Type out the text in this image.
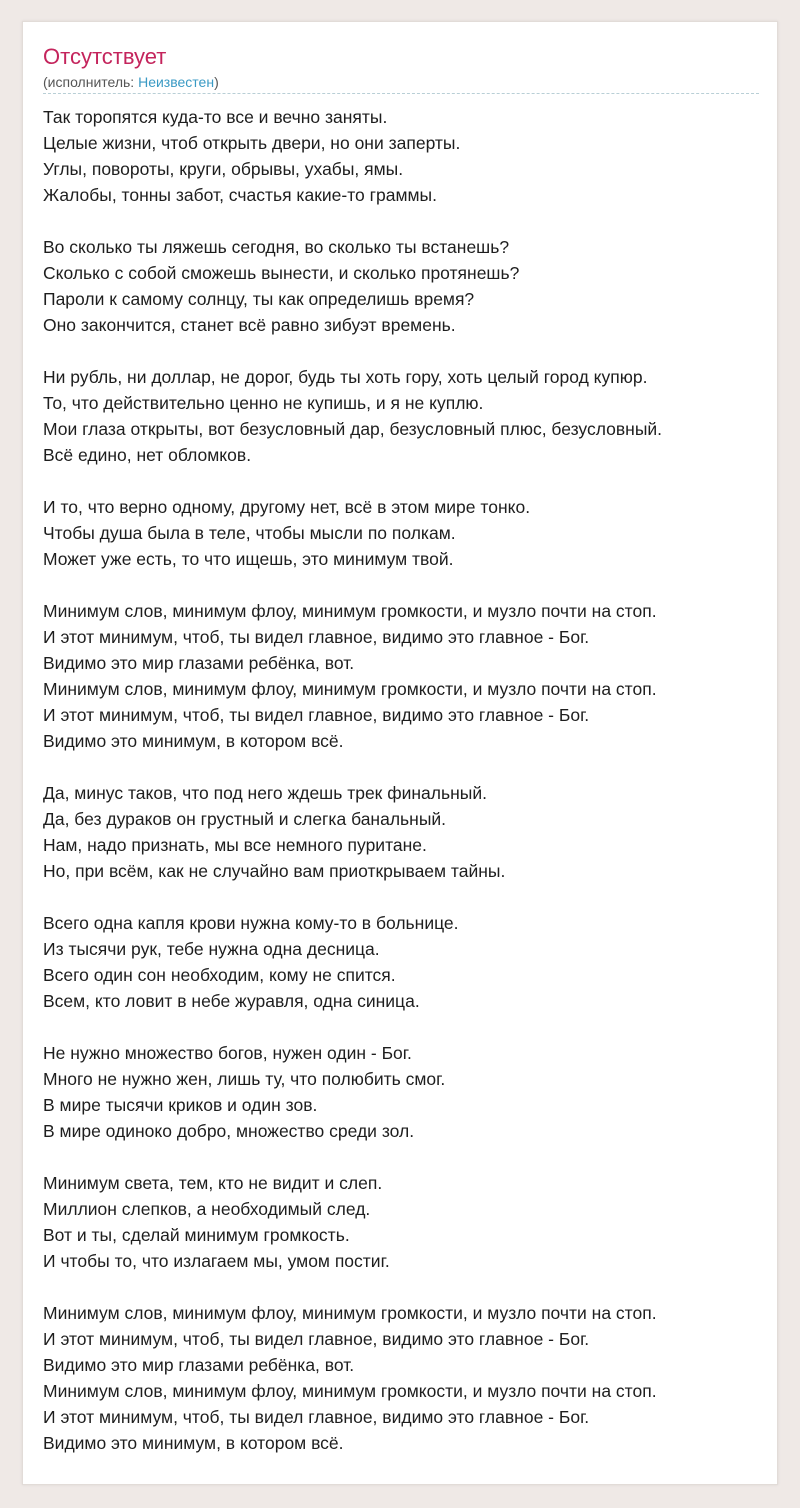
Отсутствует
(исполнитель: Неизвестен)
Так торопятся куда-то все и вечно заняты.
Целые жизни, чтоб открыть двери, но они заперты.
Углы, повороты, круги, обрывы, ухабы, ямы.
Жалобы, тонны забот, счастья какие-то граммы.
Во сколько ты ляжешь сегодня, во сколько ты встанешь?
Сколько с собой сможешь вынести, и сколько протянешь?
Пароли к самому солнцу, ты как определишь время?
Оно закончится, станет всё равно зибуэт времень.
Ни рубль, ни доллар, не дорог, будь ты хоть гору, хоть целый город купюр.
То, что действительно ценно не купишь, и я не куплю.
Мои глаза открыты, вот безусловный дар, безусловный плюс, безусловный.
Всё едино, нет обломков.
И то, что верно одному, другому нет, всё в этом мире тонко.
Чтобы душа была в теле, чтобы мысли по полкам.
Может уже есть, то что ищешь, это минимум твой.
Минимум слов, минимум флоу, минимум громкости, и музло почти на стоп.
И этот минимум, чтоб, ты видел главное, видимо это главное - Бог.
Видимо это мир глазами ребёнка, вот.
Минимум слов, минимум флоу, минимум громкости, и музло почти на стоп.
И этот минимум, чтоб, ты видел главное, видимо это главное - Бог.
Видимо это минимум, в котором всё.
Да, минус таков, что под него ждешь трек финальный.
Да, без дураков он грустный и слегка банальный.
Нам, надо признать, мы все немного пуритане.
Но, при всём, как не случайно вам приоткрываем тайны.
Всего одна капля крови нужна кому-то в больнице.
Из тысячи рук, тебе нужна одна десница.
Всего один сон необходим, кому не спится.
Всем, кто ловит в небе журавля, одна синица.
Не нужно множество богов, нужен один - Бог.
Много не нужно жен, лишь ту, что полюбить смог.
В мире тысячи криков и один зов.
В мире одиноко добро, множество среди зол.
Минимум света, тем, кто не видит и слеп.
Миллион слепков, а необходимый след.
Вот и ты, сделай минимум громкость.
И чтобы то, что излагаем мы, умом постиг.
Минимум слов, минимум флоу, минимум громкости, и музло почти на стоп.
И этот минимум, чтоб, ты видел главное, видимо это главное - Бог.
Видимо это мир глазами ребёнка, вот.
Минимум слов, минимум флоу, минимум громкости, и музло почти на стоп.
И этот минимум, чтоб, ты видел главное, видимо это главное - Бог.
Видимо это минимум, в котором всё.
